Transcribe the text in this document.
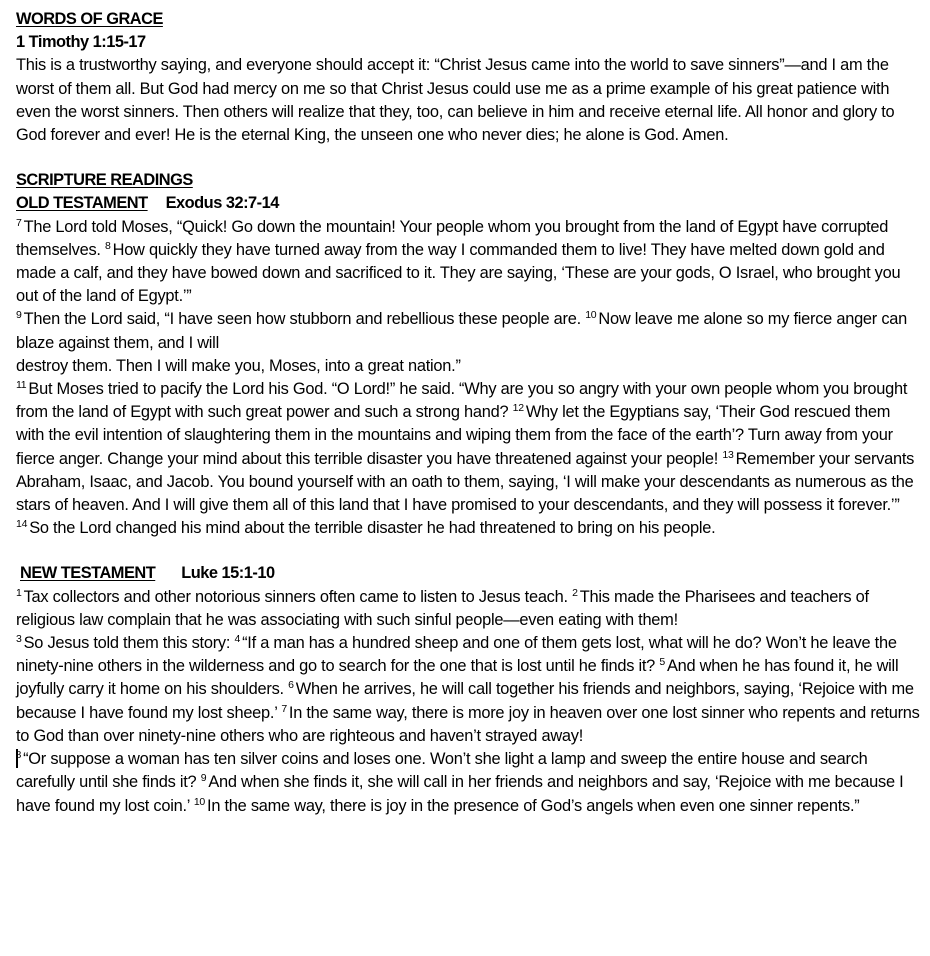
WORDS OF GRACE

1 Timothy 1:15-17

This is a trustworthy saying, and everyone should accept it: “Christ Jesus came into the world to save sinners”—and I am the worst of them all. But God had mercy on me so that Christ Jesus could use me as a prime example of his great patience with even the worst sinners. Then others will realize that they, too, can believe in him and receive eternal life. All honor and glory to God forever and ever! He is the eternal King, the unseen one who never dies; he alone is God. Amen.

SCRIPTURE READINGS

OLD TESTAMENT Exodus 32:7-14

$^7$ The Lord told Moses, “Quick! Go down the mountain! Your people whom you brought from the land of Egypt have corrupted themselves. $^8$ How quickly they have turned away from the way I commanded them to live! They have melted down gold and made a calf, and they have bowed down and sacrificed to it. They are saying, ‘These are your gods, O Israel, who brought you out of the land of Egypt.’”

$^9$ Then the Lord said, “I have seen how stubborn and rebellious these people are. $^{10}$ Now leave me alone so my fierce anger can blaze against them, and I will

destroy them. Then I will make you, Moses, into a great nation.”

$^{11}$ But Moses tried to pacify the Lord his God. “O Lord!” he said. “Why are you so angry with your own people whom you brought from the land of Egypt with such great power and such a strong hand? $^{12}$ Why let the Egyptians say, ‘Their God rescued them with the evil intention of slaughtering them in the mountains and wiping them from the face of the earth’? Turn away from your fierce anger. Change your mind about this terrible disaster you have threatened against your people! $^{13}$ Remember your servants Abraham, Isaac, and Jacob. You bound yourself with an oath to them, saying, ‘I will make your descendants as numerous as the stars of heaven. And I will give them all of this land that I have promised to your descendants, and they will possess it forever.’”

$^{14}$ So the Lord changed his mind about the terrible disaster he had threatened to bring on his people.

NEW TESTAMENT Luke 15:1-10

$^1$ Tax collectors and other notorious sinners often came to listen to Jesus teach. $^2$ This made the Pharisees and teachers of religious law complain that he was associating with such sinful people—even eating with them!

$^3$ So Jesus told them this story: $^4$ “If a man has a hundred sheep and one of them gets lost, what will he do? Won’t he leave the ninety-nine others in the wilderness and go to search for the one that is lost until he finds it? $^5$ And when he has found it, he will joyfully carry it home on his shoulders. $^6$ When he arrives, he will call together his friends and neighbors, saying, ‘Rejoice with me because I have found my lost sheep.’ $^7$ In the same way, there is more joy in heaven over one lost sinner who repents and returns to God than over ninety-nine others who are righteous and haven’t strayed away!

$^8$ “Or suppose a woman has ten silver coins and loses one. Won’t she light a lamp and sweep the entire house and search carefully until she finds it? $^9$ And when she finds it, she will call in her friends and neighbors and say, ‘Rejoice with me because I have found my lost coin.’ $^{10}$ In the same way, there is joy in the presence of God’s angels when even one sinner repents.”
